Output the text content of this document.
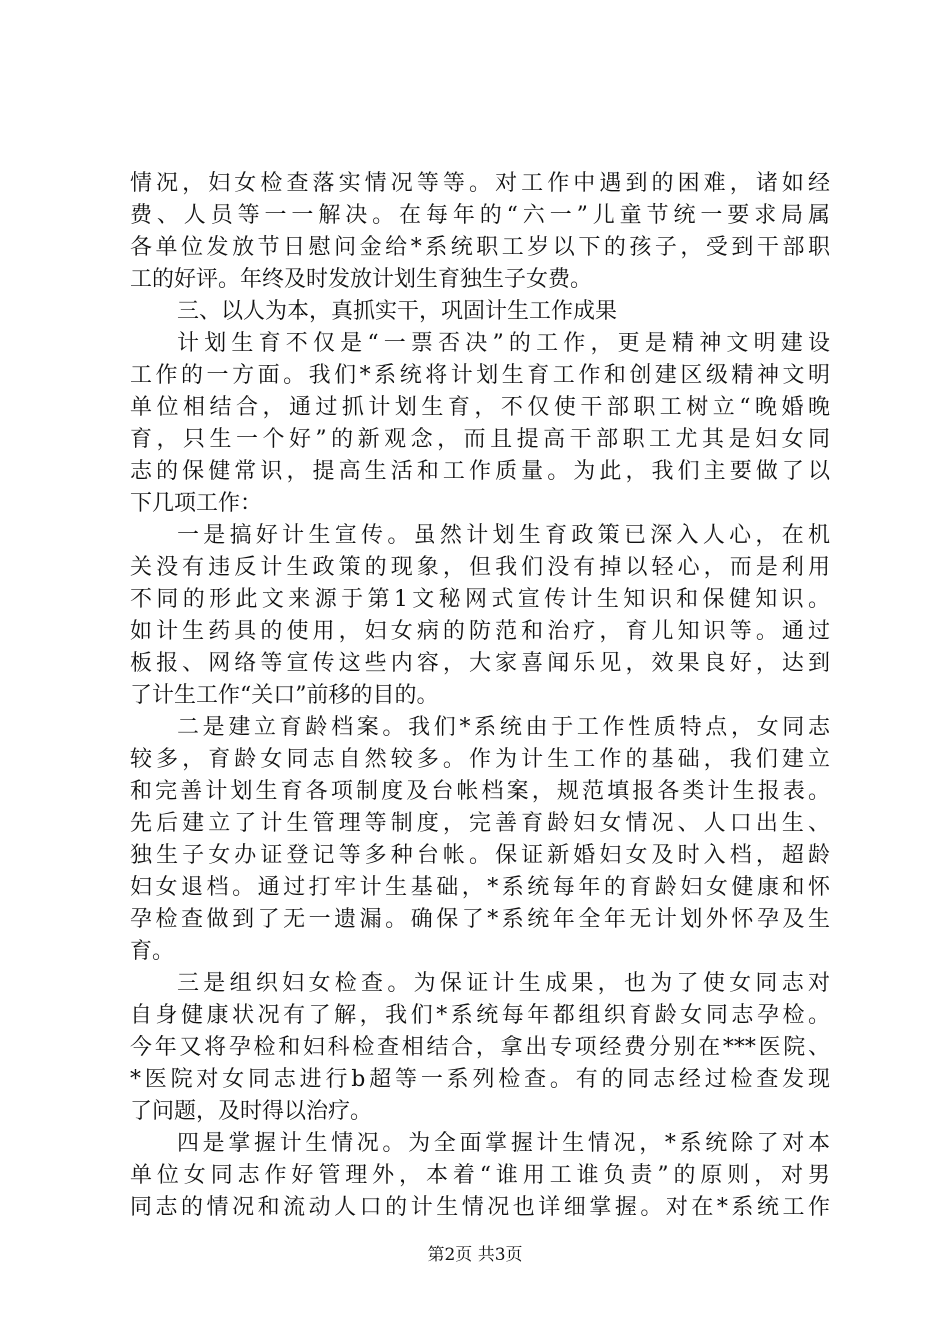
情况，妇女检查落实情况等等。对工作中遇到的困难，诸如经
费、人员等一一解决。在每年的“六一”儿童节统一要求局属
各单位发放节日慰问金给*系统职工岁以下的孩子，受到干部职
工的好评。年终及时发放计划生育独生子女费。
三、以人为本，真抓实干，巩固计生工作成果
计划生育不仅是“一票否决”的工作，更是精神文明建设
工作的一方面。我们*系统将计划生育工作和创建区级精神文明
单位相结合，通过抓计划生育，不仅使干部职工树立“晚婚晚
育，只生一个好”的新观念，而且提高干部职工尤其是妇女同
志的保健常识，提高生活和工作质量。为此，我们主要做了以
下几项工作：
一是搞好计生宣传。虽然计划生育政策已深入人心，在机
关没有违反计生政策的现象，但我们没有掉以轻心，而是利用
不同的形此文来源于第1文秘网式宣传计生知识和保健知识。
如计生药具的使用，妇女病的防范和治疗，育儿知识等。通过
板报、网络等宣传这些内容，大家喜闻乐见，效果良好，达到
了计生工作“关口”前移的目的。
二是建立育龄档案。我们*系统由于工作性质特点，女同志
较多，育龄女同志自然较多。作为计生工作的基础，我们建立
和完善计划生育各项制度及台帐档案，规范填报各类计生报表。
先后建立了计生管理等制度，完善育龄妇女情况、人口出生、
独生子女办证登记等多种台帐。保证新婚妇女及时入档，超龄
妇女退档。通过打牢计生基础，*系统每年的育龄妇女健康和怀
孕检查做到了无一遗漏。确保了*系统年全年无计划外怀孕及生
育。
三是组织妇女检查。为保证计生成果，也为了使女同志对
自身健康状况有了解，我们*系统每年都组织育龄女同志孕检。
今年又将孕检和妇科检查相结合，拿出专项经费分别在***医院、
*医院对女同志进行b超等一系列检查。有的同志经过检查发现
了问题，及时得以治疗。
四是掌握计生情况。为全面掌握计生情况，*系统除了对本
单位女同志作好管理外，本着“谁用工谁负责”的原则，对男
同志的情况和流动人口的计生情况也详细掌握。对在*系统工作
第2页 共3页
